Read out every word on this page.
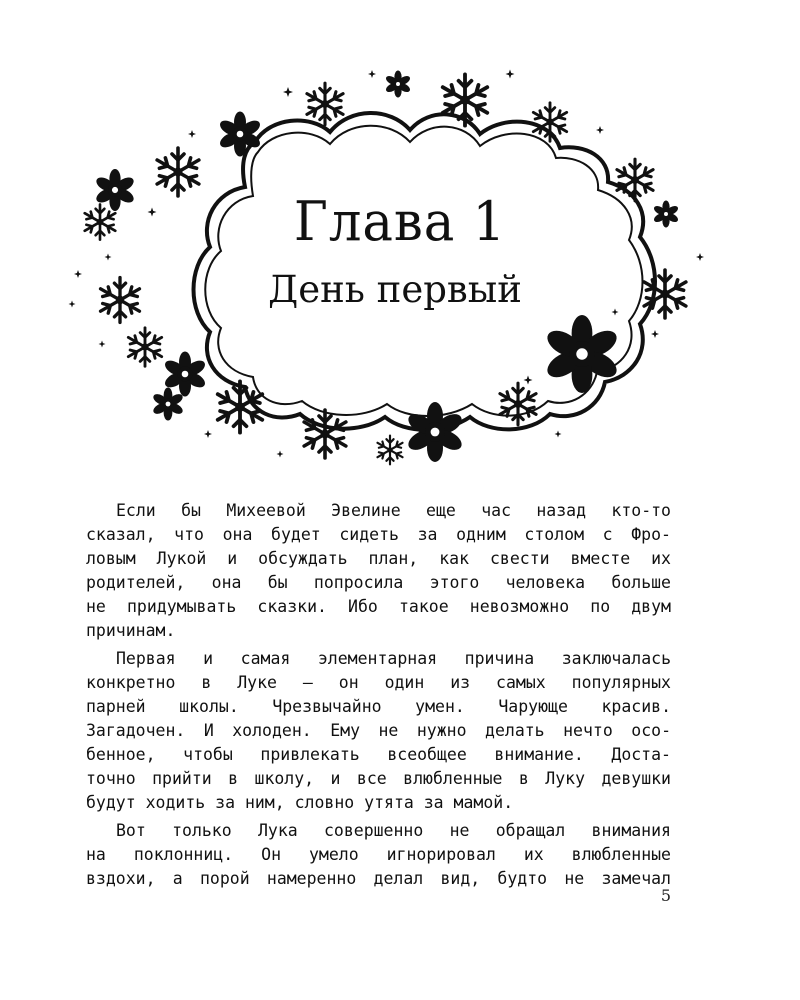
Глава 1
День первый

Если бы Михеевой Эвелине еще час назад кто-то
сказал, что она будет сидеть за одним столом с Фро-
ловым Лукой и обсуждать план, как свести вместе их
родителей, она бы попросила этого человека больше
не придумывать сказки. Ибо такое невозможно по двум
причинам.

Первая и самая элементарная причина заключалась
конкретно в Луке — он один из самых популярных
парней школы. Чрезвычайно умен. Чарующе красив.
Загадочен. И холоден. Ему не нужно делать нечто осо-
бенное, чтобы привлекать всеобщее внимание. Доста-
точно прийти в школу, и все влюбленные в Луку девушки
будут ходить за ним, словно утята за мамой.

Вот только Лука совершенно не обращал внимания
на поклонниц. Он умело игнорировал их влюбленные
вздохи, а порой намеренно делал вид, будто не замечал

5
